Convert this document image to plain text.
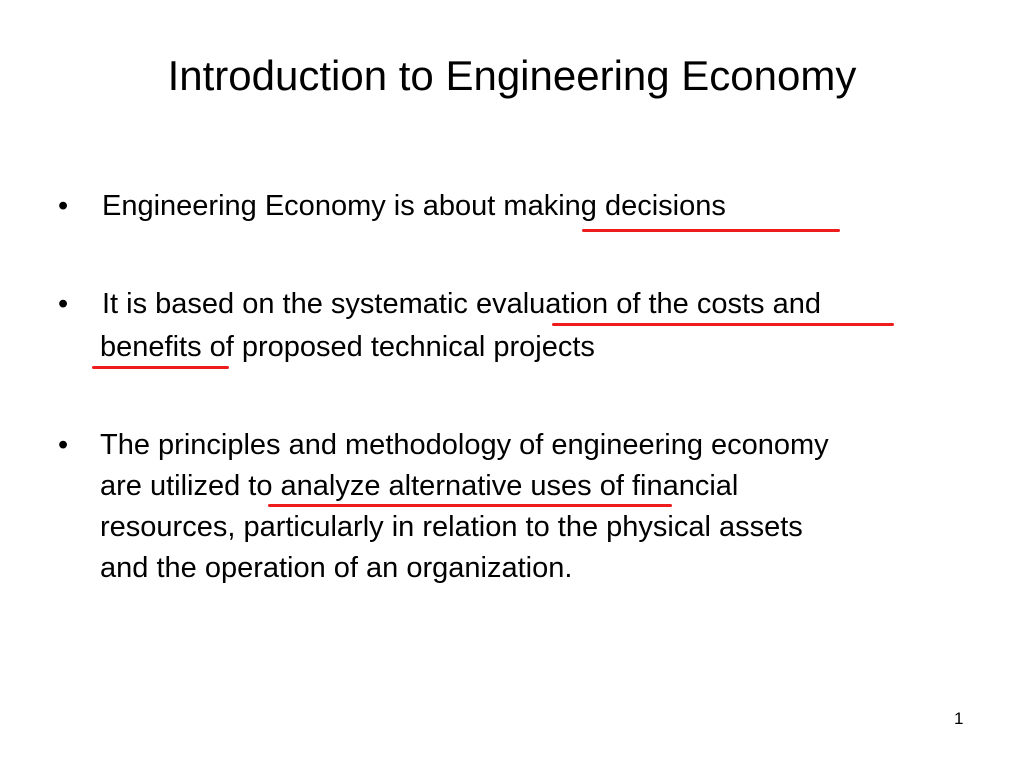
Introduction to Engineering Economy
• Engineering Economy is about making decisions
• It is based on the systematic evaluation of the costs and
benefits of proposed technical projects
• The principles and methodology of engineering economy
are utilized to analyze alternative uses of financial
resources, particularly in relation to the physical assets
and the operation of an organization.
1
